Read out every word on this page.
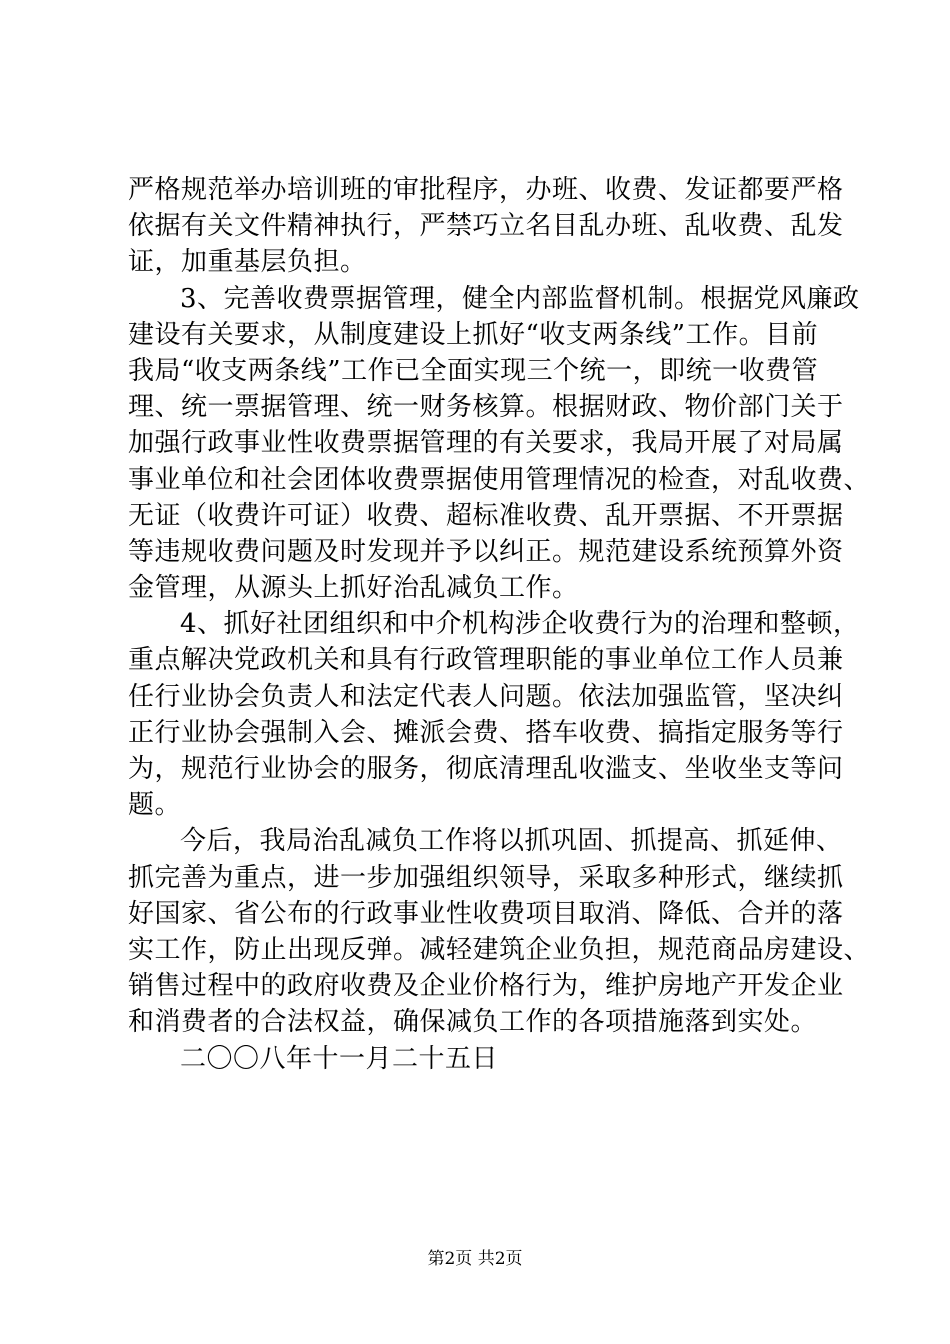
严格规范举办培训班的审批程序，办班、收费、发证都要严格
依据有关文件精神执行，严禁巧立名目乱办班、乱收费、乱发
证，加重基层负担。
3、完善收费票据管理，健全内部监督机制。根据党风廉政
建设有关要求，从制度建设上抓好“收支两条线”工作。目前
我局“收支两条线”工作已全面实现三个统一，即统一收费管
理、统一票据管理、统一财务核算。根据财政、物价部门关于
加强行政事业性收费票据管理的有关要求，我局开展了对局属
事业单位和社会团体收费票据使用管理情况的检查，对乱收费、
无证（收费许可证）收费、超标准收费、乱开票据、不开票据
等违规收费问题及时发现并予以纠正。规范建设系统预算外资
金管理，从源头上抓好治乱减负工作。
4、抓好社团组织和中介机构涉企收费行为的治理和整顿，
重点解决党政机关和具有行政管理职能的事业单位工作人员兼
任行业协会负责人和法定代表人问题。依法加强监管，坚决纠
正行业协会强制入会、摊派会费、搭车收费、搞指定服务等行
为，规范行业协会的服务，彻底清理乱收滥支、坐收坐支等问
题。
今后，我局治乱减负工作将以抓巩固、抓提高、抓延伸、
抓完善为重点，进一步加强组织领导，采取多种形式，继续抓
好国家、省公布的行政事业性收费项目取消、降低、合并的落
实工作，防止出现反弹。减轻建筑企业负担，规范商品房建设、
销售过程中的政府收费及企业价格行为，维护房地产开发企业
和消费者的合法权益，确保减负工作的各项措施落到实处。
二〇〇八年十一月二十五日
第2页 共2页
